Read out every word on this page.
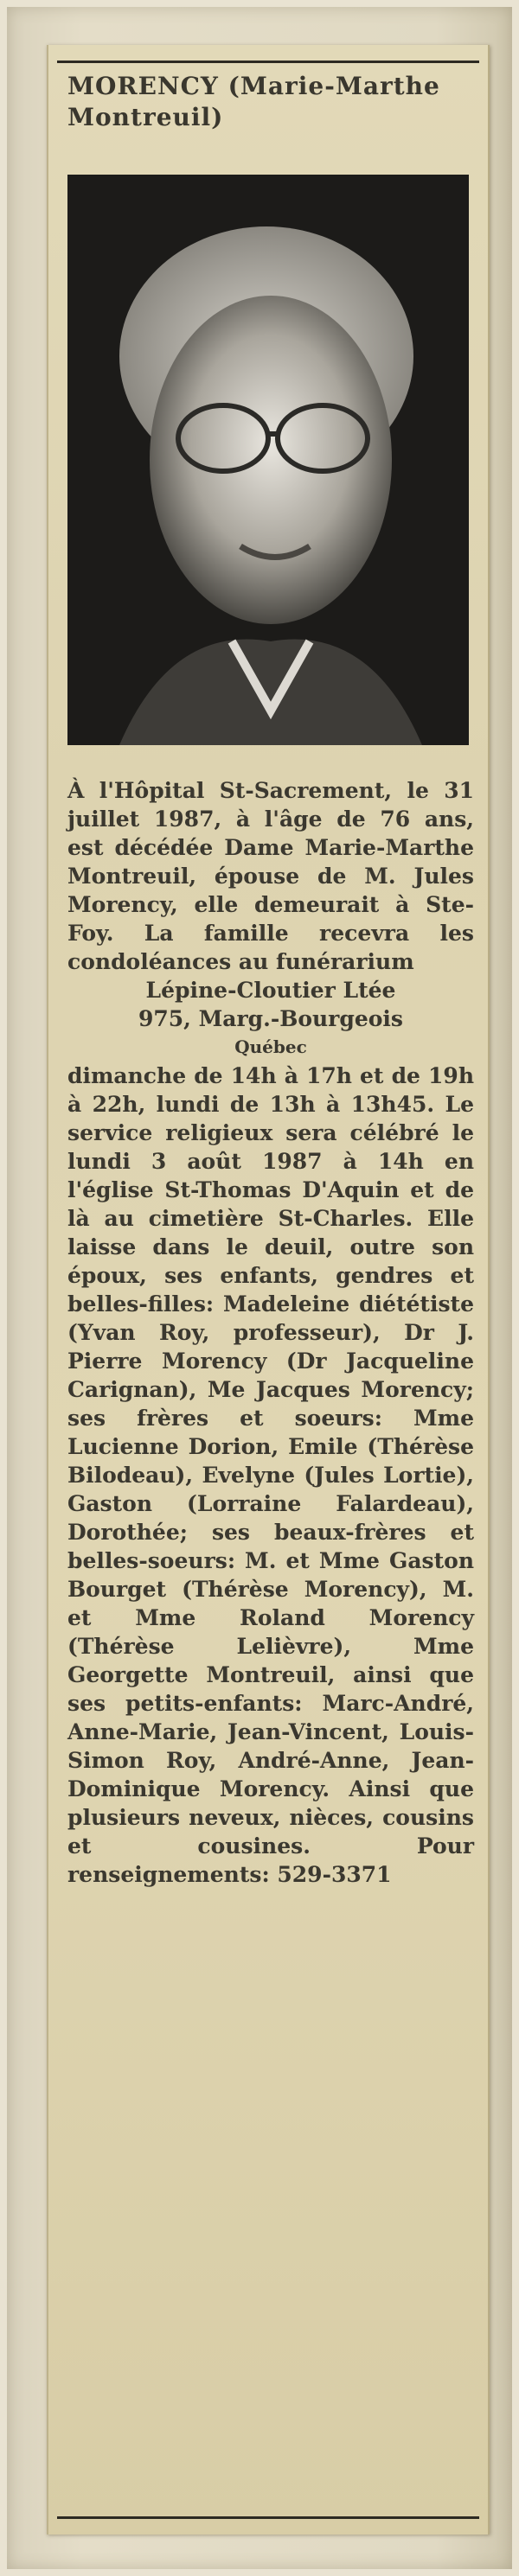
MORENCY (Marie-Marthe Montreuil)

À l'Hôpital St-Sacrement, le 31 juillet 1987, à l'âge de 76 ans, est décédée Dame Marie-Marthe Montreuil, épouse de M. Jules Morency, elle demeurait à Ste-Foy. La famille recevra les condoléances au funérarium

Lépine-Cloutier Ltée

975, Marg.-Bourgeois

Québec

dimanche de 14h à 17h et de 19h à 22h, lundi de 13h à 13h45. Le service religieux sera célébré le lundi 3 août 1987 à 14h en l'église St-Thomas D'Aquin et de là au cimetière St-Charles. Elle laisse dans le deuil, outre son époux, ses enfants, gendres et belles-filles: Madeleine diététiste (Yvan Roy, professeur), Dr J. Pierre Morency (Dr Jacqueline Carignan), Me Jacques Morency; ses frères et soeurs: Mme Lucienne Dorion, Emile (Thérèse Bilodeau), Evelyne (Jules Lortie), Gaston (Lorraine Falardeau), Dorothée; ses beaux-frères et belles-soeurs: M. et Mme Gaston Bourget (Thérèse Morency), M. et Mme Roland Morency (Thérèse Lelièvre), Mme Georgette Montreuil, ainsi que ses petits-enfants: Marc-André, Anne-Marie, Jean-Vincent, Louis-Simon Roy, André-Anne, Jean-Dominique Morency. Ainsi que plusieurs neveux, nièces, cousins et cousines. Pour renseignements: 529-3371
